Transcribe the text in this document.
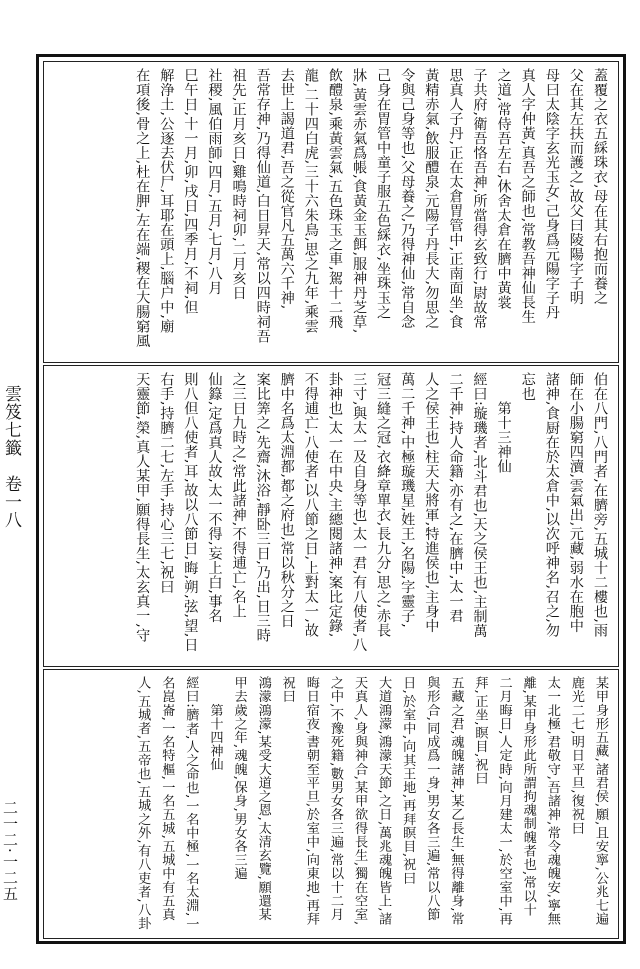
雲笈七籤　卷一八
二一二·一二五
蓋覆之衣五綵珠衣,母在其右抱而養之
父在其左扶而護之,故父曰陵陽字子明
母曰太陰字玄光玉女,己身爲元陽字子丹
真人字仲黃,真吾之師也,常教吾神仙長生
之道,常侍吾左右,休舍太倉在臍中黃裳
子共府,衛吾恪吾神,所當得玄致行,尉故常
思真人子丹,正在太倉胃管中,正南面坐,食
黃精赤氣,飲服醴泉,元陽子丹長大,勿思之
令與己身等也,父母養之,乃得神仙,常自念
己身在胃管中童子服五色綵衣,坐珠玉之
牀,黃雲赤氣爲帳,食黃金玉餌,服神丹芝草,
飲醴泉,乘黃雲氣,五色珠玉之車,駕十二飛
龍,二十四白虎,三十六朱鳥,思之九年,乘雲
去世上謁道君,吾之從官凡五萬六千神,
吾常存神,乃得仙道,白日昇天,常以四時祠吾
祖先,正月亥日,雞鳴時祠卯,二月亥日
社稷,風伯雨師,四月,五月,七月,八月
巳午日,十一月,卯,戌日,四季月,不祠,但
解浄土,公逐去伏尸,耳耶在頭上,腦户中,廟
在項後,骨之上,杜在胛,左在端,稷在大腸窮風
伯在八門,八門者,在臍旁,五城十二樓也,雨
師在小腸窮四瀆,雲氣出,元藏,弱水在胞中
諸神,食厨在於太倉中,以次呼神名,召之,勿
忘也
　　第十三神仙
經曰:璇璣者,北斗君也,天之侯王也,主制萬
二千神,持人命籍,亦有之,在臍中,太一君
人之侯王也,柱天大將軍,特進侯也,主身中
萬二千神,中極璇璣星,姓王,名陽,字靈子,
冠三縫之冠,衣絳章單衣,長九分,思之,赤長
三寸,與太一及自身等也,太一君,有八使者,八
卦神也,太一在中央,主總閱諸神,案比定錄,
不得逋亡,八使者,以八節之日,上對太一,故
臍中名爲太淵都,都之府也,常以秋分之日
案比筭之,先齋,沐浴,靜卧三日,乃出,日三時
之三日九時之,常此諸神,不得逋亡,名上
仙籙,定爲真人故,太一不得,妄上白,事名
則八但八使者,耳,故以八節日,晦,朔,弦,望,日
右手,持臍二七,左手,持心三七,祝曰
天靈節,榮,真人某甲,願得長生,太玄真一,守
某甲身形五藏,諸君侯,願,且安寧,公兆七遍
鹿光二七,明日平旦,復祝曰
太一北極,君敬守,吾諸神,常令魂魄安,寧無
離,某甲身形此所謂拘魂制魄者也,常以十
二月晦日,人定時,向月建太一,於空室中,再
拜,正坐,瞑目,祝曰
五藏之君,魂魄諸神,某乙長生,無得離身,常
與形合,同成爲一身,男女各三遍,常以八節
日,於室中,向其王地,再拜瞑目,祝曰
大道鴻濛,鴻濛天節,之日,萬兆魂魄皆上,諸
天真人,身與神合,某甲欲得長生,獨在空室,
之中,不豫死籍,數男女各三遍,常以十二月
晦日宿夜,書朝至平旦,於室中,向東地,再拜
祝曰
鴻濛鴻濛,某受大道之恩,太清玄覽,願還某
甲去歲之年,魂魄,保身,男女各三遍
　　第十四神仙
經曰:臍者,人之命也,一名中極,一名太淵,一
名崑崙,一名特樞,一名五城,五城中有五真
人,五城者,五帝也,五城之外,有八吏者,八卦
